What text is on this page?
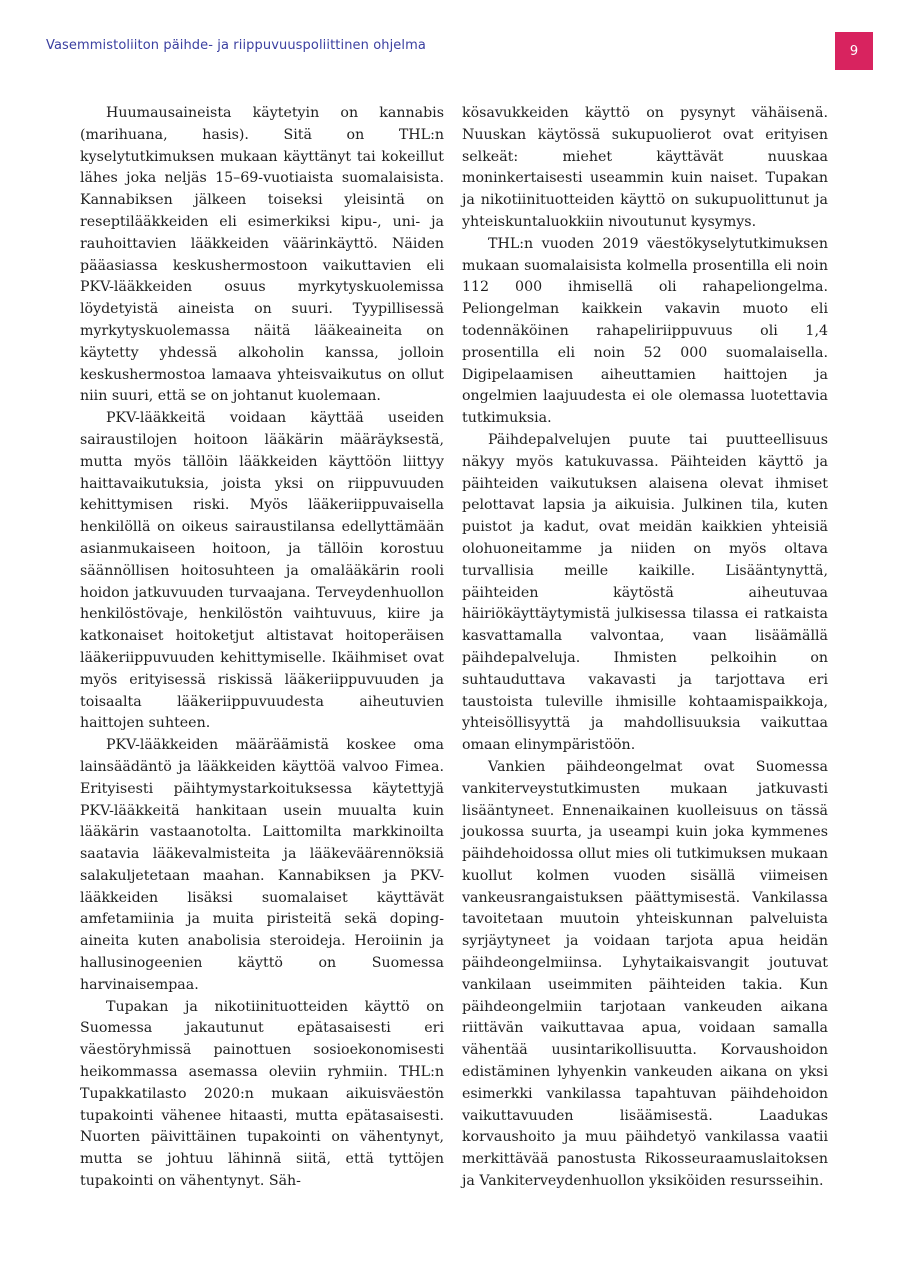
Vasemmistoliiton päihde- ja riippuvuuspoliittinen ohjelma	9

Huumausaineista käytetyin on kannabis (marihuana, hasis). Sitä on THL:n kyselytutkimuksen mukaan käyttänyt tai kokeillut lähes joka neljäs 15–69-vuotiaista suomalaisista. Kannabiksen jälkeen toiseksi yleisintä on reseptilääkkeiden eli esimerkiksi kipu-, uni- ja rauhoittavien lääkkeiden väärinkäyttö. Näiden pääasiassa keskushermostoon vaikuttavien eli PKV-lääkkeiden osuus myrkytyskuolemissa löydetyistä aineista on suuri. Tyypillisessä myrkytyskuolemassa näitä lääkeaineita on käytetty yhdessä alkoholin kanssa, jolloin keskushermostoa lamaava yhteisvaikutus on ollut niin suuri, että se on johtanut kuolemaan.

PKV-lääkkeitä voidaan käyttää useiden sairaustilojen hoitoon lääkärin määräyksestä, mutta myös tällöin lääkkeiden käyttöön liittyy haittavaikutuksia, joista yksi on riippuvuuden kehittymisen riski. Myös lääkeriippuvaisella henkilöllä on oikeus sairaustilansa edellyttämään asianmukaiseen hoitoon, ja tällöin korostuu säännöllisen hoitosuhteen ja omalääkärin rooli hoidon jatkuvuuden turvaajana. Terveydenhuollon henkilöstövaje, henkilöstön vaihtuvuus, kiire ja katkonaiset hoitoketjut altistavat hoitoperäisen lääkeriippuvuuden kehittymiselle. Ikäihmiset ovat myös erityisessä riskissä lääkeriippuvuuden ja toisaalta lääkeriippuvuudesta aiheutuvien haittojen suhteen.

PKV-lääkkeiden määräämistä koskee oma lainsäädäntö ja lääkkeiden käyttöä valvoo Fimea. Erityisesti päihtymystarkoituksessa käytettyjä PKV-lääkkeitä hankitaan usein muualta kuin lääkärin vastaanotolta. Laittomilta markkinoilta saatavia lääkevalmisteita ja lääkeväärennöksiä salakuljetetaan maahan. Kannabiksen ja PKV-lääkkeiden lisäksi suomalaiset käyttävät amfetamiinia ja muita piristeitä sekä doping-aineita kuten anabolisia steroideja. Heroiinin ja hallusinogeenien käyttö on Suomessa harvinaisempaa.

Tupakan ja nikotiinituotteiden käyttö on Suomessa jakautunut epätasaisesti eri väestöryhmissä painottuen sosioekonomisesti heikommassa asemassa oleviin ryhmiin. THL:n Tupakkatilasto 2020:n mukaan aikuisväestön tupakointi vähenee hitaasti, mutta epätasaisesti. Nuorten päivittäinen tupakointi on vähentynyt, mutta se johtuu lähinnä siitä, että tyttöjen tupakointi on vähentynyt. Säh-

kösavukkeiden käyttö on pysynyt vähäisenä. Nuuskan käytössä sukupuolierot ovat erityisen selkeät: miehet käyttävät nuuskaa moninkertaisesti useammin kuin naiset. Tupakan ja nikotiinituotteiden käyttö on sukupuolittunut ja yhteiskuntaluokkiin nivoutunut kysymys.

THL:n vuoden 2019 väestökyselytutkimuksen mukaan suomalaisista kolmella prosentilla eli noin 112 000 ihmisellä oli rahapeliongelma. Peliongelman kaikkein vakavin muoto eli todennäköinen rahapeliriippuvuus oli 1,4 prosentilla eli noin 52 000 suomalaisella. Digipelaamisen aiheuttamien haittojen ja ongelmien laajuudesta ei ole olemassa luotettavia tutkimuksia.

Päihdepalvelujen puute tai puutteellisuus näkyy myös katukuvassa. Päihteiden käyttö ja päihteiden vaikutuksen alaisena olevat ihmiset pelottavat lapsia ja aikuisia. Julkinen tila, kuten puistot ja kadut, ovat meidän kaikkien yhteisiä olohuoneitamme ja niiden on myös oltava turvallisia meille kaikille. Lisääntynyttä, päihteiden käytöstä aiheutuvaa häiriökäyttäytymistä julkisessa tilassa ei ratkaista kasvattamalla valvontaa, vaan lisäämällä päihdepalveluja. Ihmisten pelkoihin on suhtauduttava vakavasti ja tarjottava eri taustoista tuleville ihmisille kohtaamispaikkoja, yhteisöllisyyttä ja mahdollisuuksia vaikuttaa omaan elinympäristöön.

Vankien päihdeongelmat ovat Suomessa vankiterveystutkimusten mukaan jatkuvasti lisääntyneet. Ennenaikainen kuolleisuus on tässä joukossa suurta, ja useampi kuin joka kymmenes päihdehoidossa ollut mies oli tutkimuksen mukaan kuollut kolmen vuoden sisällä viimeisen vankeusrangaistuksen päättymisestä. Vankilassa tavoitetaan muutoin yhteiskunnan palveluista syrjäytyneet ja voidaan tarjota apua heidän päihdeongelmiinsa. Lyhytaikaisvangit joutuvat vankilaan useimmiten päihteiden takia. Kun päihdeongelmiin tarjotaan vankeuden aikana riittävän vaikuttavaa apua, voidaan samalla vähentää uusintarikollisuutta. Korvaushoidon edistäminen lyhyenkin vankeuden aikana on yksi esimerkki vankilassa tapahtuvan päihdehoidon vaikuttavuuden lisäämisestä. Laadukas korvaushoito ja muu päihdetyö vankilassa vaatii merkittävää panostusta Rikosseuraamuslaitoksen ja Vankiterveydenhuollon yksiköiden resursseihin.
